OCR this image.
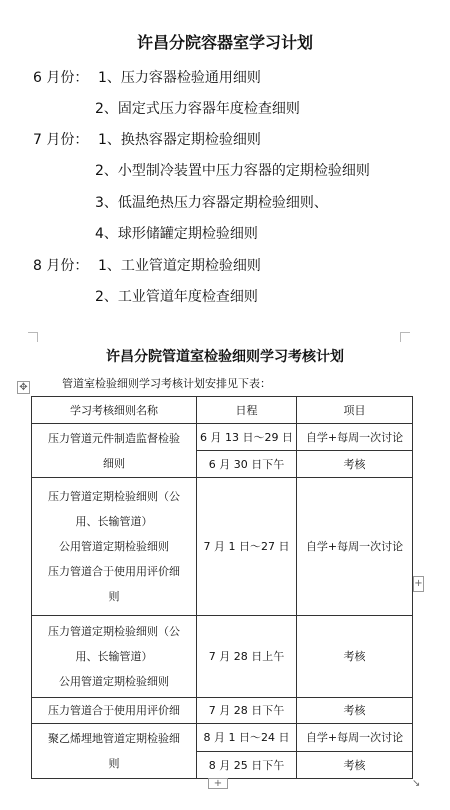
许昌分院容器室学习计划
6 月份： 1、压力容器检验通用细则
2、固定式压力容器年度检查细则
7 月份： 1、换热容器定期检验细则
2、小型制冷装置中压力容器的定期检验细则
3、低温绝热压力容器定期检验细则、
4、球形储罐定期检验细则
8 月份： 1、工业管道定期检验细则
2、工业管道年度检查细则
许昌分院管道室检验细则学习考核计划
管道室检验细则学习考核计划安排见下表：
✥
学习考核细则名称	日程	项目

压力管道元件制造监督检验
细则	6 月 13 日～29 日	自学+每周一次讨论
	6 月 30 日下午	考核

压力管道定期检验细则（公
用、长输管道）
公用管道定期检验细则
压力管道合于使用用评价细
则	7 月 1 日～27 日	自学+每周一次讨论

压力管道定期检验细则（公
用、长输管道）
公用管道定期检验细则	7 月 28 日上午	考核
压力管道合于使用用评价细	7 月 28 日下午	考核

聚乙烯埋地管道定期检验细
则	8 月 1 日～24 日	自学+每周一次讨论
	8 月 25 日下午	考核
+
+	↘
